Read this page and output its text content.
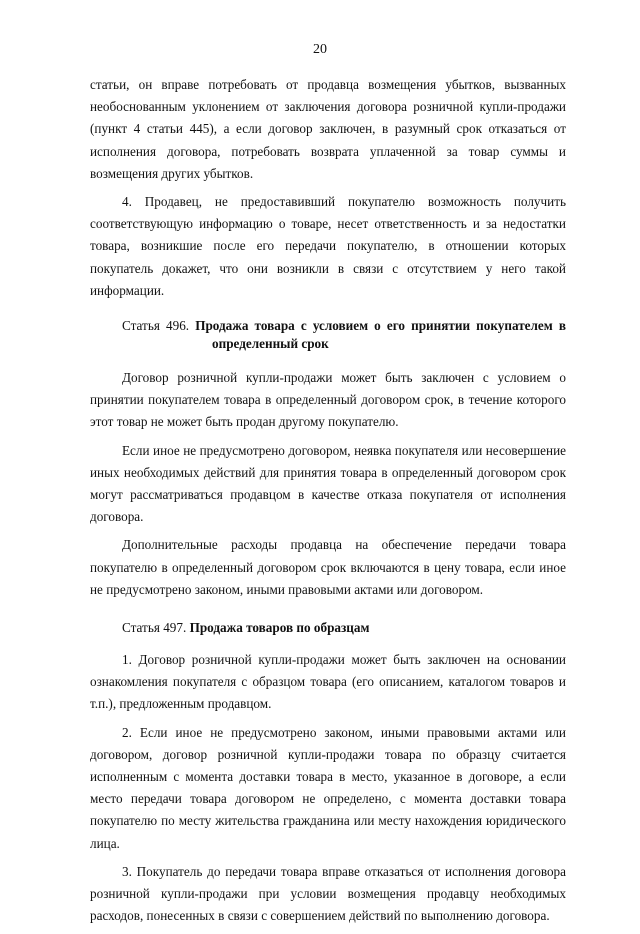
20

статьи, он вправе потребовать от продавца возмещения убытков, вызванных необоснованным уклонением от заключения договора розничной купли-продажи (пункт 4 статьи 445), а если договор заключен, в разумный срок отказаться от исполнения договора, потребовать возврата уплаченной за товар суммы и возмещения других убытков.

4. Продавец, не предоставивший покупателю возможность получить соответствующую информацию о товаре, несет ответственность и за недостатки товара, возникшие после его передачи покупателю, в отношении которых покупатель докажет, что они возникли в связи с отсутствием у него такой информации.

Статья 496. Продажа товара с условием о его принятии покупателем в определенный срок

Договор розничной купли-продажи может быть заключен с условием о принятии покупателем товара в определенный договором срок, в течение которого этот товар не может быть продан другому покупателю.

Если иное не предусмотрено договором, неявка покупателя или несовершение иных необходимых действий для принятия товара в определенный договором срок могут рассматриваться продавцом в качестве отказа покупателя от исполнения договора.

Дополнительные расходы продавца на обеспечение передачи товара покупателю в определенный договором срок включаются в цену товара, если иное не предусмотрено законом, иными правовыми актами или договором.

Статья 497. Продажа товаров по образцам

1. Договор розничной купли-продажи может быть заключен на основании ознакомления покупателя с образцом товара (его описанием, каталогом товаров и т.п.), предложенным продавцом.

2. Если иное не предусмотрено законом, иными правовыми актами или договором, договор розничной купли-продажи товара по образцу считается исполненным с момента доставки товара в место, указанное в договоре, а если место передачи товара договором не определено, с момента доставки товара покупателю по месту жительства гражданина или месту нахождения юридического лица.

3. Покупатель до передачи товара вправе отказаться от исполнения договора розничной купли-продажи при условии возмещения продавцу необходимых расходов, понесенных в связи с совершением действий по выполнению договора.
